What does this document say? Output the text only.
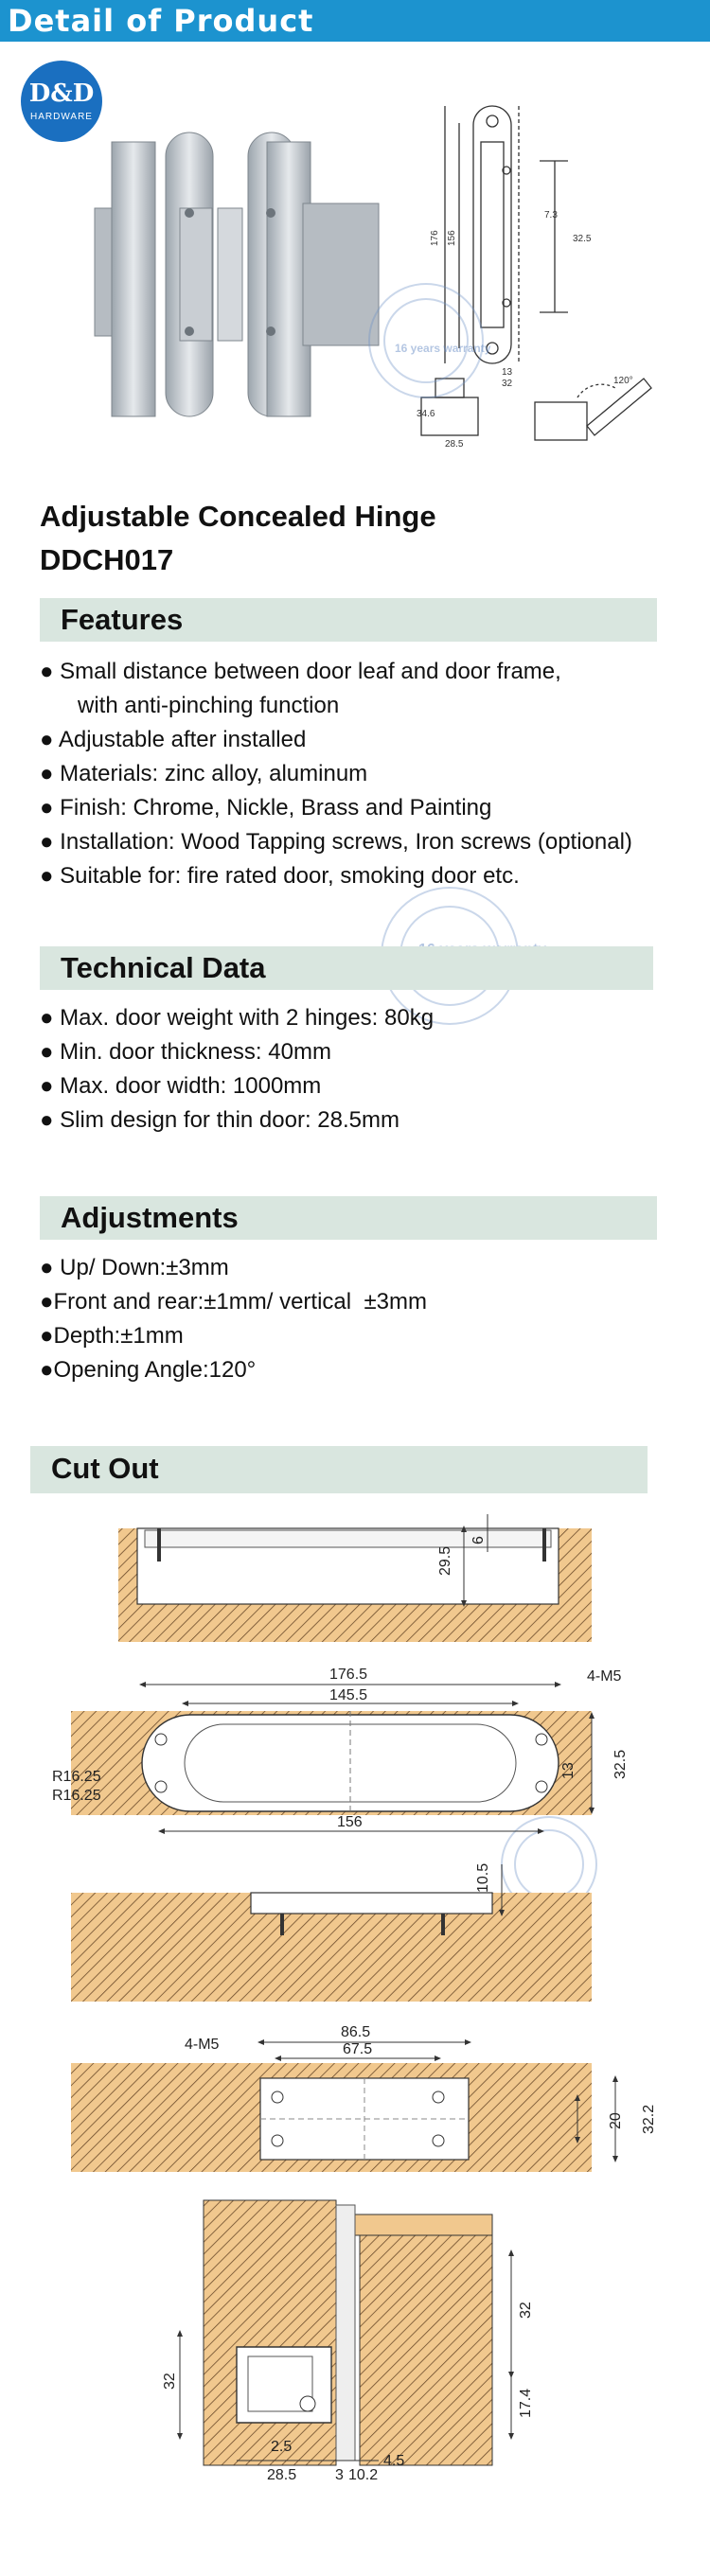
Detail of Product
D&D
HARDWARE
176 156	32.5
7.3
13
32
28.5
34.6
120°
16 years warranty
29.5
6
176.5
145.5
156
4-M5
13 32.5
R16.25
R16.25
10.5
86.5
67.5
4-M5
20 32.2
32
32
17.4
2.5
28.5	3 10.2
4.5
Adjustable Concealed Hinge
DDCH017
Features
● Small distance between door leaf and door frame,
with anti-pinching function
● Adjustable after installed
● Materials: zinc alloy, aluminum
● Finish: Chrome, Nickle, Brass and Painting
● Installation: Wood Tapping screws, Iron screws (optional)
● Suitable for: fire rated door, smoking door etc.
Technical Data
● Max. door weight with 2 hinges: 80kg
● Min. door thickness: 40mm
● Max. door width: 1000mm
● Slim design for thin door: 28.5mm
Adjustments
● Up/ Down:±3mm
●Front and rear:±1mm/ vertical  ±3mm
●Depth:±1mm
●Opening Angle:120°
Cut Out
